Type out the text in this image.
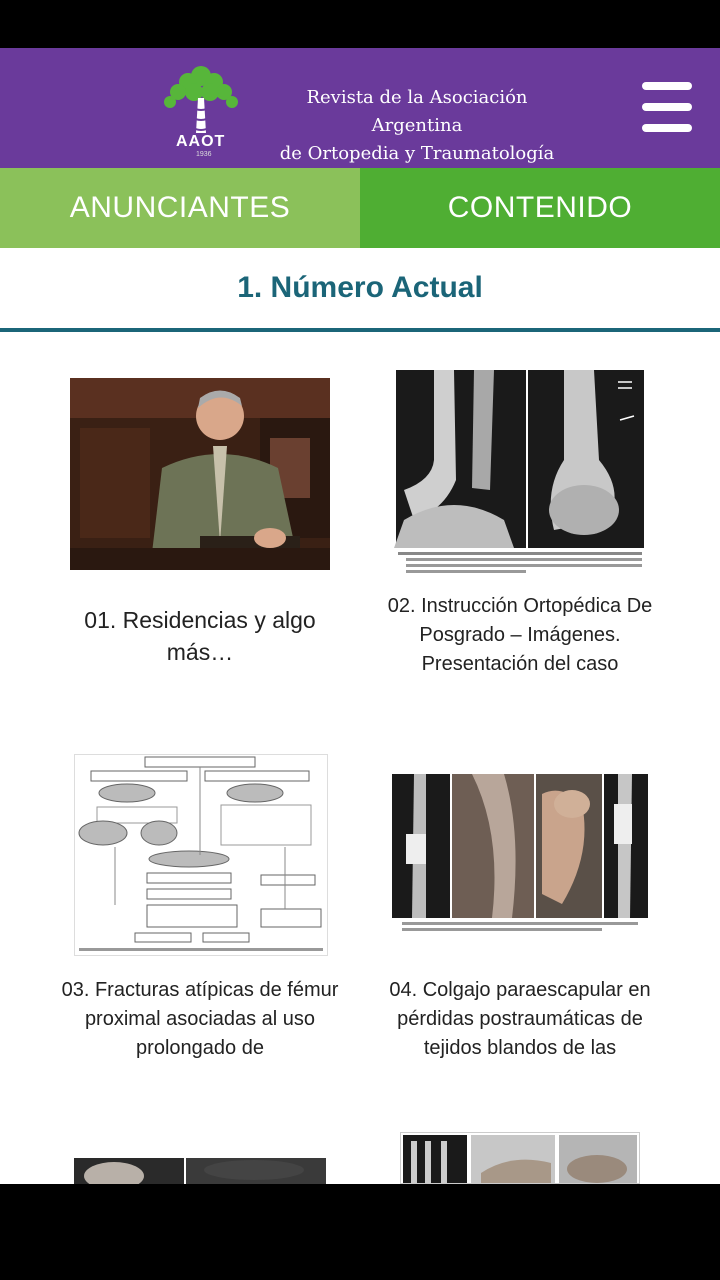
AAOT
1936
Revista de la Asociación Argentina
de Ortopedia y Traumatología
ANUNCIANTES	CONTENIDO
1. Número Actual
01. Residencias y algo más…
02. Instrucción Ortopédica De Posgrado – Imágenes. Presentación del caso
03. Fracturas atípicas de fémur proximal asociadas al uso prolongado de
04. Colgajo paraescapular en pérdidas postraumáticas de tejidos blandos de las
